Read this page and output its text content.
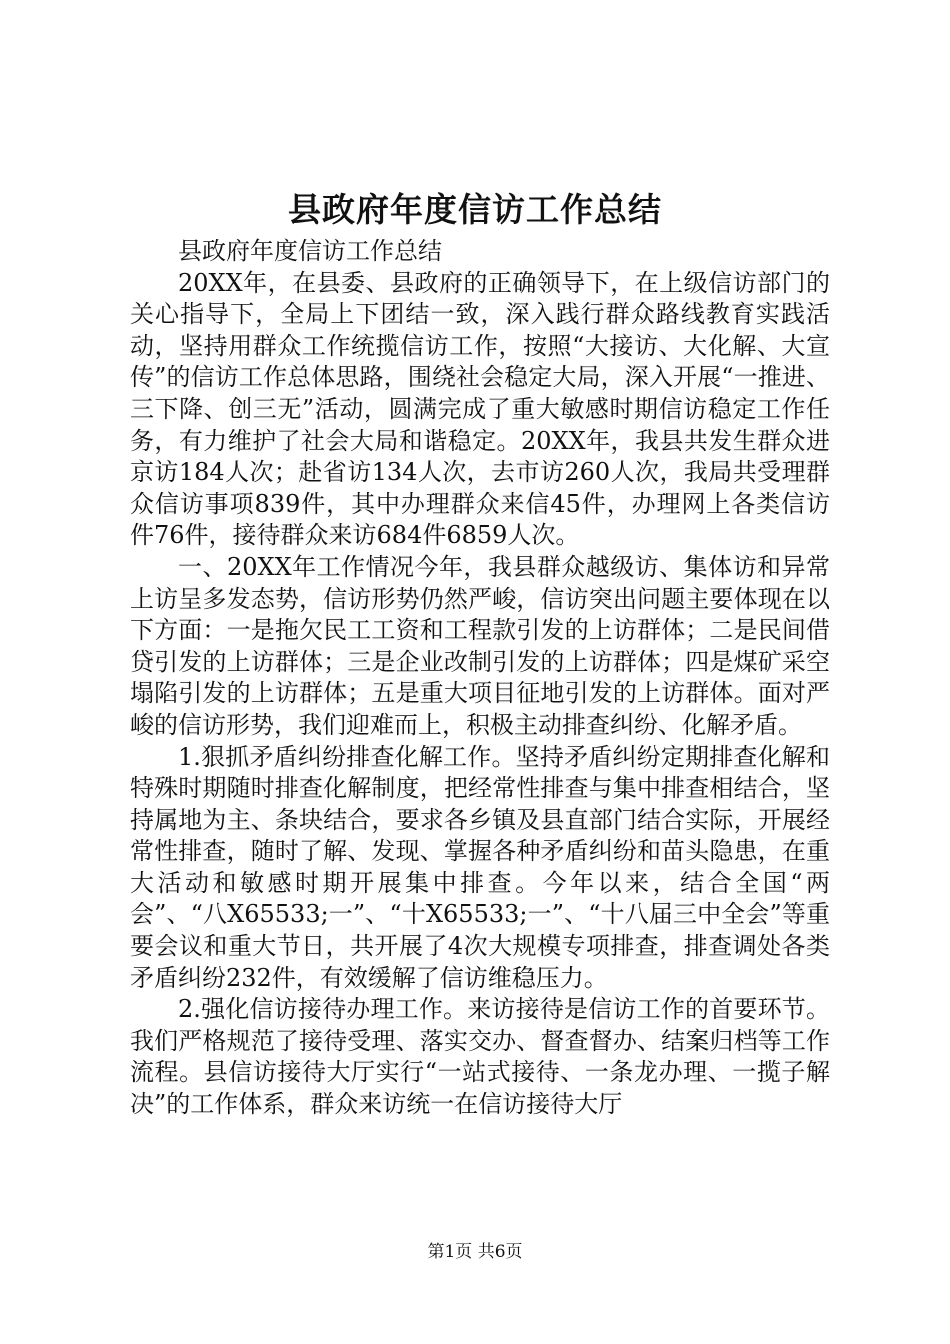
县政府年度信访工作总结

县政府年度信访工作总结

20XX年，在县委、县政府的正确领导下，在上级信访部门的关心指导下，全局上下团结一致，深入践行群众路线教育实践活动，坚持用群众工作统揽信访工作，按照“大接访、大化解、大宣传”的信访工作总体思路，围绕社会稳定大局，深入开展“一推进、三下降、创三无”活动，圆满完成了重大敏感时期信访稳定工作任务，有力维护了社会大局和谐稳定。20XX年，我县共发生群众进京访184人次；赴省访134人次，去市访260人次，我局共受理群众信访事项839件，其中办理群众来信45件，办理网上各类信访件76件，接待群众来访684件6859人次。

一、20XX年工作情况今年，我县群众越级访、集体访和异常上访呈多发态势，信访形势仍然严峻，信访突出问题主要体现在以下方面：一是拖欠民工工资和工程款引发的上访群体；二是民间借贷引发的上访群体；三是企业改制引发的上访群体；四是煤矿采空塌陷引发的上访群体；五是重大项目征地引发的上访群体。面对严峻的信访形势，我们迎难而上，积极主动排查纠纷、化解矛盾。

1.狠抓矛盾纠纷排查化解工作。坚持矛盾纠纷定期排查化解和特殊时期随时排查化解制度，把经常性排查与集中排查相结合，坚持属地为主、条块结合，要求各乡镇及县直部门结合实际，开展经常性排查，随时了解、发现、掌握各种矛盾纠纷和苗头隐患，在重大活动和敏感时期开展集中排查。今年以来，结合全国“两会”、“八X65533;一”、“十X65533;一”、“十八届三中全会”等重要会议和重大节日，共开展了4次大规模专项排查，排查调处各类矛盾纠纷232件，有效缓解了信访维稳压力。

2.强化信访接待办理工作。来访接待是信访工作的首要环节。我们严格规范了接待受理、落实交办、督查督办、结案归档等工作流程。县信访接待大厅实行“一站式接待、一条龙办理、一揽子解决”的工作体系，群众来访统一在信访接待大厅

第1页 共6页
